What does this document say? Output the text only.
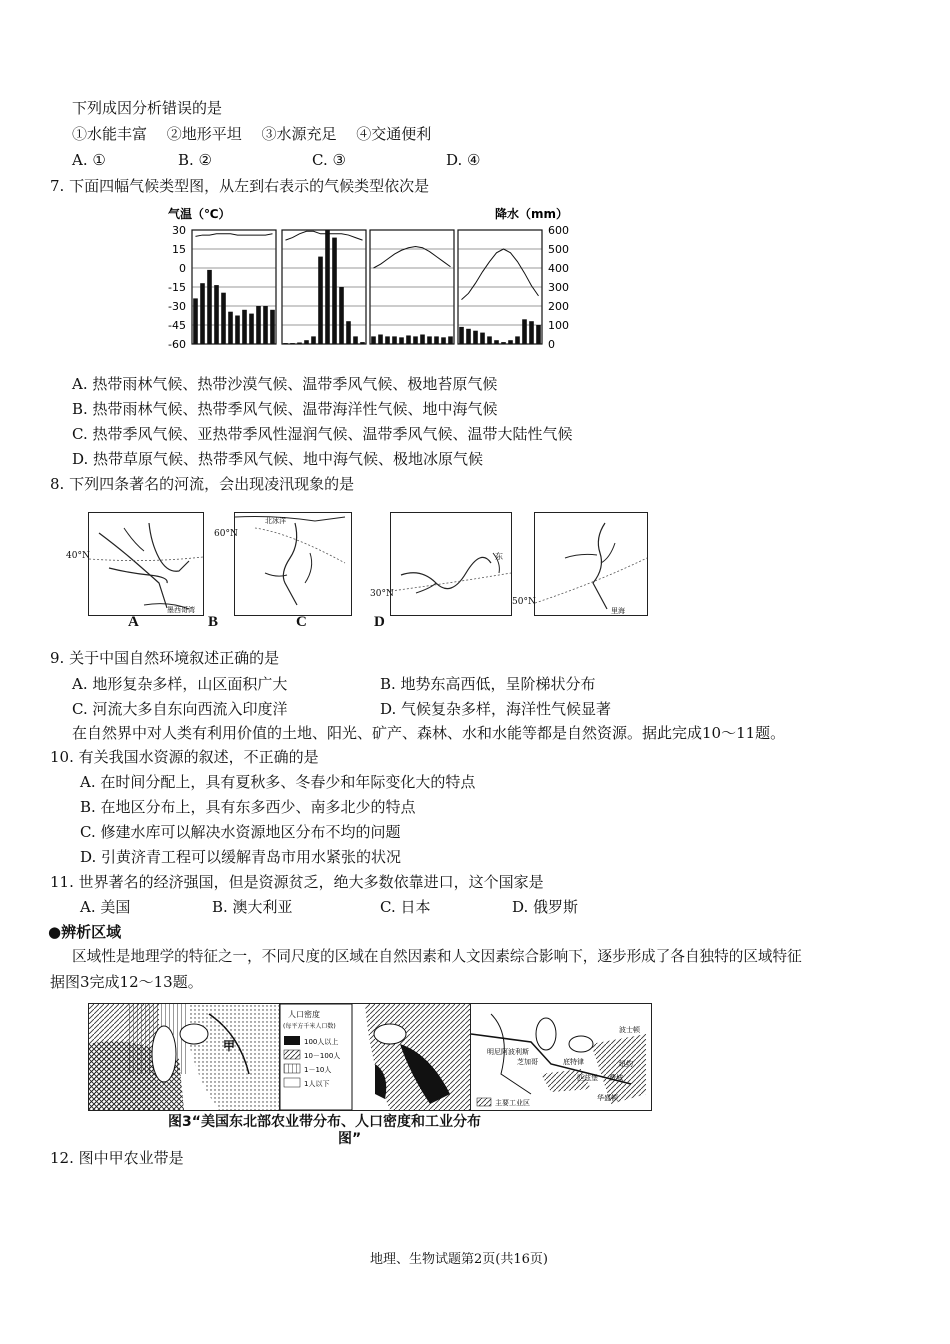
下列成因分析错误的是
①水能丰富　 ②地形平坦　 ③水源充足　 ④交通便利
A. ①	B. ②	C. ③	D. ④
7. 下面四幅气候类型图，从左到右表示的气候类型依次是
气温（℃）	降水（mm）
30
15
0
-15
-30
-45
-60
600
500
400
300
200
100
0
A. 热带雨林气候、热带沙漠气候、温带季风气候、极地苔原气候
B. 热带雨林气候、热带季风气候、温带海洋性气候、地中海气候
C. 热带季风气候、亚热带季风性湿润气候、温带季风气候、温带大陆性气候
D. 热带草原气候、热带季风气候、地中海气候、极地冰原气候
8. 下列四条著名的河流，会出现凌汛现象的是
墨西哥湾
40°N
A
北冰洋
60°N
B	C
东
30°N
D
里海
50°N
9. 关于中国自然环境叙述正确的是
A. 地形复杂多样，山区面积广大	B. 地势东高西低，呈阶梯状分布
C. 河流大多自东向西流入印度洋	D. 气候复杂多样，海洋性气候显著
在自然界中对人类有利用价值的土地、阳光、矿产、森林、水和水能等都是自然资源。据此完成10～11题。
10. 有关我国水资源的叙述，不正确的是
A. 在时间分配上，具有夏秋多、冬春少和年际变化大的特点
B. 在地区分布上，具有东多西少、南多北少的特点
C. 修建水库可以解决水资源地区分布不均的问题
D. 引黄济青工程可以缓解青岛市用水紧张的状况
11. 世界著名的经济强国，但是资源贫乏，绝大多数依靠进口，这个国家是
A. 美国	B. 澳大利亚	C. 日本	D. 俄罗斯
●辨析区域
区域性是地理学的特征之一，不同尺度的区域在自然因素和人文因素综合影响下，逐步形成了各自独特的区域特征
据图3完成12～13题。
甲
人口密度
(每平方千米人口数)
100人以上
10－100人
1－10人
1人以下
明尼阿波利斯
芝加哥	底特律
波士顿
纽约
费城
华盛顿
匹兹堡
主要工业区
图3“美国东北部农业带分布、人口密度和工业分布
图”
12. 图中甲农业带是
地理、生物试题第2页(共16页)
